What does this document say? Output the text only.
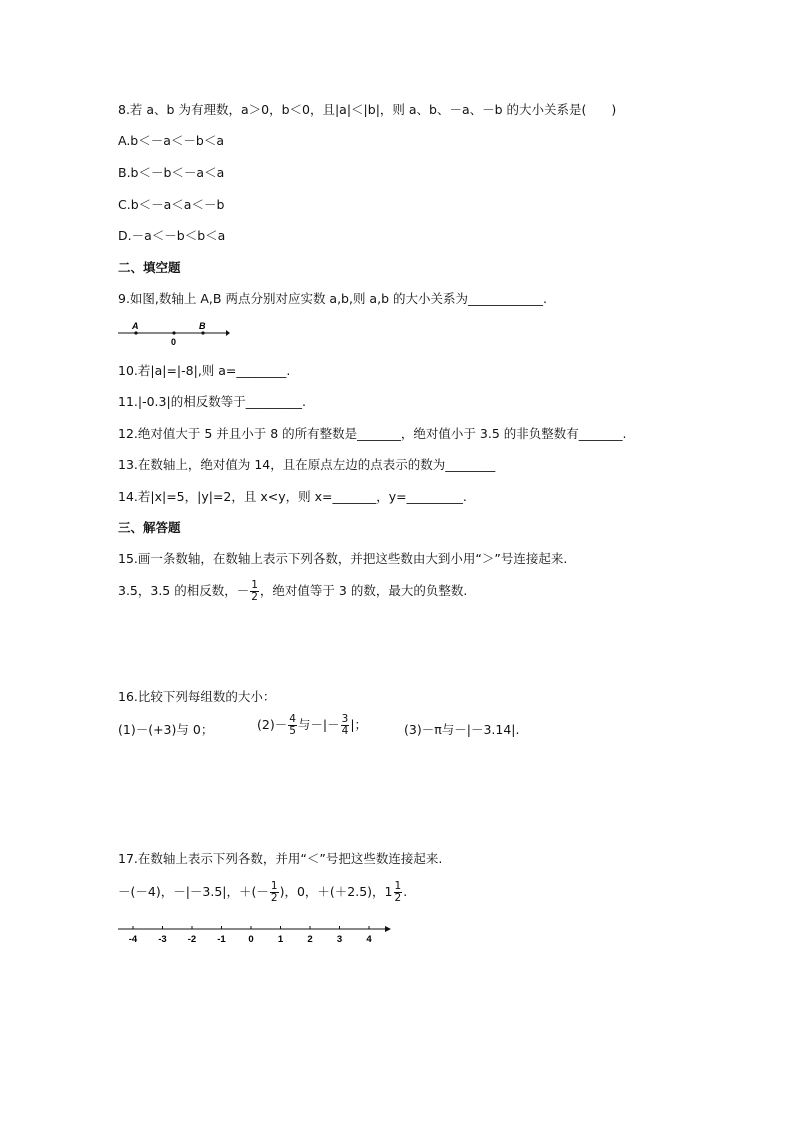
8.若 a、b 为有理数，a＞0，b＜0，且|a|＜|b|，则 a、b、－a、－b 的大小关系是(　　)
A.b＜－a＜－b＜a
B.b＜－b＜－a＜a
C.b＜－a＜a＜－b
D.－a＜－b＜b＜a
二、填空题
9.如图,数轴上 A,B 两点分别对应实数 a,b,则 a,b 的大小关系为____________.
A	B
0
10.若|a|=|-8|,则 a=________.
11.|-0.3|的相反数等于_________.
12.绝对值大于 5 并且小于 8 的所有整数是_______，绝对值小于 3.5 的非负整数有_______.
13.在数轴上，绝对值为 14，且在原点左边的点表示的数为________
14.若|x|=5，|y|=2，且 x<y，则 x=_______，y=_________.
三、解答题
15.画一条数轴，在数轴上表示下列各数，并把这些数由大到小用“＞”号连接起来.
3.5，3.5 的相反数，－ $\frac{1}{2}$ ，绝对值等于 3 的数，最大的负整数.
16.比较下列每组数的大小：
(1)－(+3)与 0；	$(2)- \frac{4}{5}$ 与－|－ $\frac{3}{4}$ |；	(3)－π与－|－3.14|.
17.在数轴上表示下列各数，并用“＜”号把这些数连接起来.
－(－4)，－|－3.5|，＋(－ $\frac{1}{2}$ )，0，＋(＋2.5)，$1 \frac{1}{2}$ .
-4 -3 -2 -1 0	1	2	3	4
